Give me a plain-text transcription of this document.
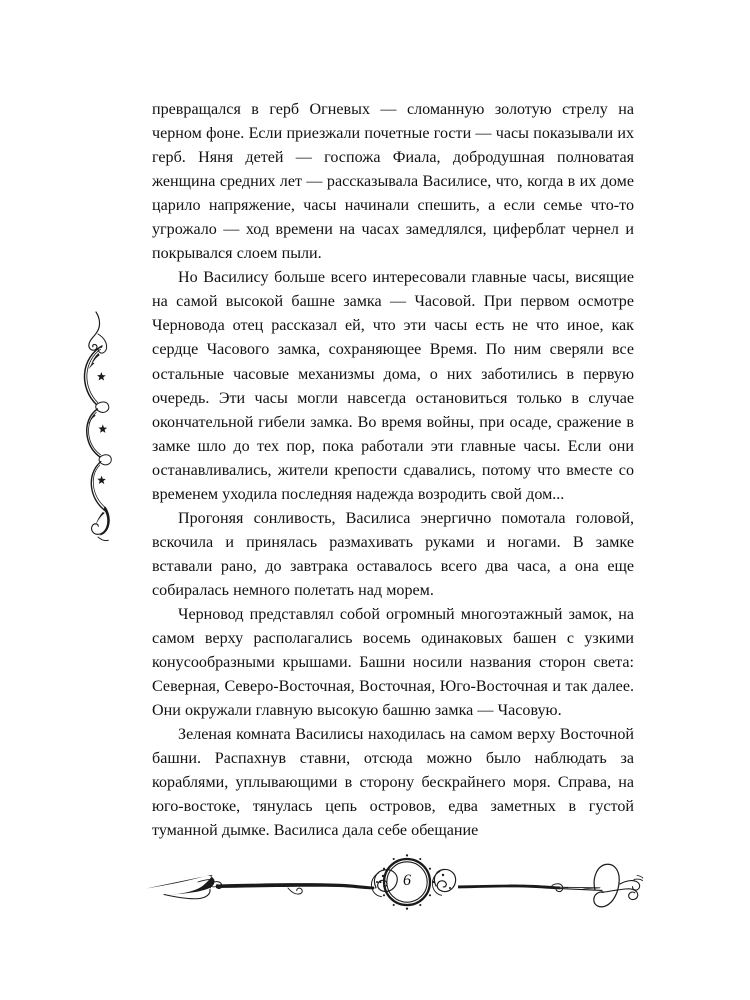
превращался в герб Огневых — сломанную золотую стрелу на черном фоне. Если приезжали почетные гости — часы показывали их герб. Няня детей — госпожа Фиала, добродушная полноватая женщина средних лет — рассказывала Василисе, что, когда в их доме царило напряжение, часы начинали спешить, а если семье что-то угрожало — ход времени на часах замедлялся, циферблат чернел и покрывался слоем пыли.

Но Василису больше всего интересовали главные часы, висящие на самой высокой башне замка — Часовой. При первом осмотре Черновода отец рассказал ей, что эти часы есть не что иное, как сердце Часового замка, сохраняющее Время. По ним сверяли все остальные часовые механизмы дома, о них заботились в первую очередь. Эти часы могли навсегда остановиться только в случае окончательной гибели замка. Во время войны, при осаде, сражение в замке шло до тех пор, пока работали эти главные часы. Если они останавливались, жители крепости сдавались, потому что вместе со временем уходила последняя надежда возродить свой дом...

Прогоняя сонливость, Василиса энергично помотала головой, вскочила и принялась размахивать руками и ногами. В замке вставали рано, до завтрака оставалось всего два часа, а она еще собиралась немного полетать над морем.

Черновод представлял собой огромный многоэтажный замок, на самом верху располагались восемь одинаковых башен с узкими конусообразными крышами. Башни носили названия сторон света: Северная, Северо-Восточная, Восточная, Юго-Восточная и так далее. Они окружали главную высокую башню замка — Часовую.

Зеленая комната Василисы находилась на самом верху Восточной башни. Распахнув ставни, отсюда можно было наблюдать за кораблями, уплывающими в сторону бескрайнего моря. Справа, на юго-востоке, тянулась цепь островов, едва заметных в густой туманной дымке. Василиса дала себе обещание

6
